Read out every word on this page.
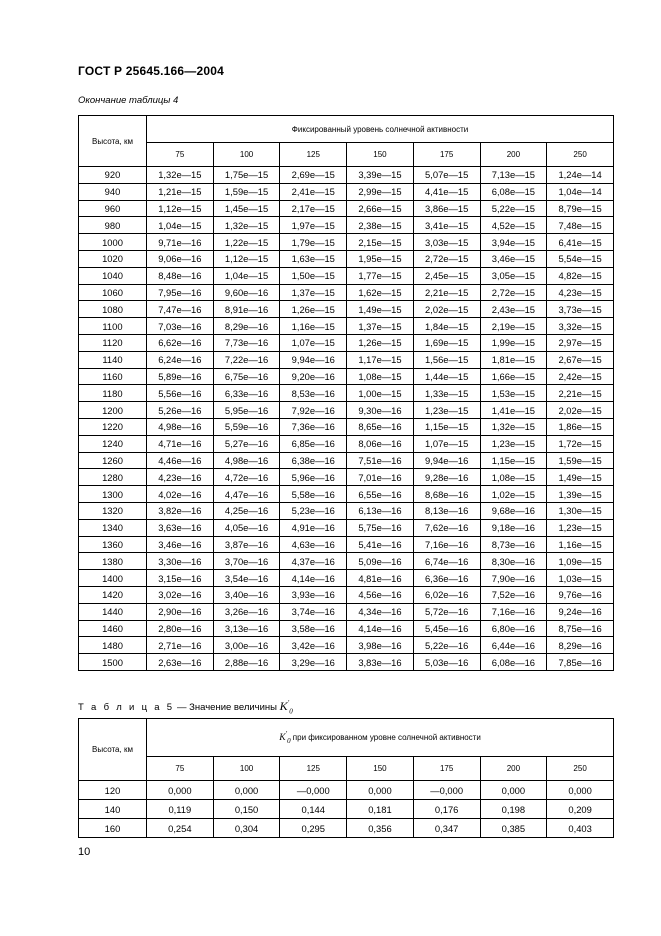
ГОСТ Р 25645.166—2004
Окончание таблицы 4
Высота, км	Фиксированный уровень солнечной активности						
	75	100	125	150	175	200	250
920	1,32e—15	1,75e—15	2,69e—15	3,39e—15	5,07e—15	7,13e—15	1,24e—14
940	1,21e—15	1,59e—15	2,41e—15	2,99e—15	4,41e—15	6,08e—15	1,04e—14
960	1,12e—15	1,45e—15	2,17e—15	2,66e—15	3,86e—15	5,22e—15	8,79e—15
980	1,04e—15	1,32e—15	1,97e—15	2,38e—15	3,41e—15	4,52e—15	7,48e—15
1000	9,71e—16	1,22e—15	1,79e—15	2,15e—15	3,03e—15	3,94e—15	6,41e—15
1020	9,06e—16	1,12e—15	1,63e—15	1,95e—15	2,72e—15	3,46e—15	5,54e—15
1040	8,48e—16	1,04e—15	1,50e—15	1,77e—15	2,45e—15	3,05e—15	4,82e—15
1060	7,95e—16	9,60e—16	1,37e—15	1,62e—15	2,21e—15	2,72e—15	4,23e—15
1080	7,47e—16	8,91e—16	1,26e—15	1,49e—15	2,02e—15	2,43e—15	3,73e—15
1100	7,03e—16	8,29e—16	1,16e—15	1,37e—15	1,84e—15	2,19e—15	3,32e—15
1120	6,62e—16	7,73e—16	1,07e—15	1,26e—15	1,69e—15	1,99e—15	2,97e—15
1140	6,24e—16	7,22e—16	9,94e—16	1,17e—15	1,56e—15	1,81e—15	2,67e—15
1160	5,89e—16	6,75e—16	9,20e—16	1,08e—15	1,44e—15	1,66e—15	2,42e—15
1180	5,56e—16	6,33e—16	8,53e—16	1,00e—15	1,33e—15	1,53e—15	2,21e—15
1200	5,26e—16	5,95e—16	7,92e—16	9,30e—16	1,23e—15	1,41e—15	2,02e—15
1220	4,98e—16	5,59e—16	7,36e—16	8,65e—16	1,15e—15	1,32e—15	1,86e—15
1240	4,71e—16	5,27e—16	6,85e—16	8,06e—16	1,07e—15	1,23e—15	1,72e—15
1260	4,46e—16	4,98e—16	6,38e—16	7,51e—16	9,94e—16	1,15e—15	1,59e—15
1280	4,23e—16	4,72e—16	5,96e—16	7,01e—16	9,28e—16	1,08e—15	1,49e—15
1300	4,02e—16	4,47e—16	5,58e—16	6,55e—16	8,68e—16	1,02e—15	1,39e—15
1320	3,82e—16	4,25e—16	5,23e—16	6,13e—16	8,13e—16	9,68e—16	1,30e—15
1340	3,63e—16	4,05e—16	4,91e—16	5,75e—16	7,62e—16	9,18e—16	1,23e—15
1360	3,46e—16	3,87e—16	4,63e—16	5,41e—16	7,16e—16	8,73e—16	1,16e—15
1380	3,30e—16	3,70e—16	4,37e—16	5,09e—16	6,74e—16	8,30e—16	1,09e—15
1400	3,15e—16	3,54e—16	4,14e—16	4,81e—16	6,36e—16	7,90e—16	1,03e—15
1420	3,02e—16	3,40e—16	3,93e—16	4,56e—16	6,02e—16	7,52e—16	9,76e—16
1440	2,90e—16	3,26e—16	3,74e—16	4,34e—16	5,72e—16	7,16e—16	9,24e—16
1460	2,80e—16	3,13e—16	3,58e—16	4,14e—16	5,45e—16	6,80e—16	8,75e—16
1480	2,71e—16	3,00e—16	3,42e—16	3,98e—16	5,22e—16	6,44e—16	8,29e—16
1500	2,63e—16	2,88e—16	3,29e—16	3,83e—16	5,03e—16	6,08e—16	7,85e—16
Т а б л и ц а 5 — Значение величины $K'_0$
Высота, км	$K'_0$ при фиксированном уровне солнечной активности						
	75	100	125	150	175	200	250
120	0,000	0,000	—0,000	0,000	—0,000	0,000	0,000
140	0,119	0,150	0,144	0,181	0,176	0,198	0,209
160	0,254	0,304	0,295	0,356	0,347	0,385	0,403
10
